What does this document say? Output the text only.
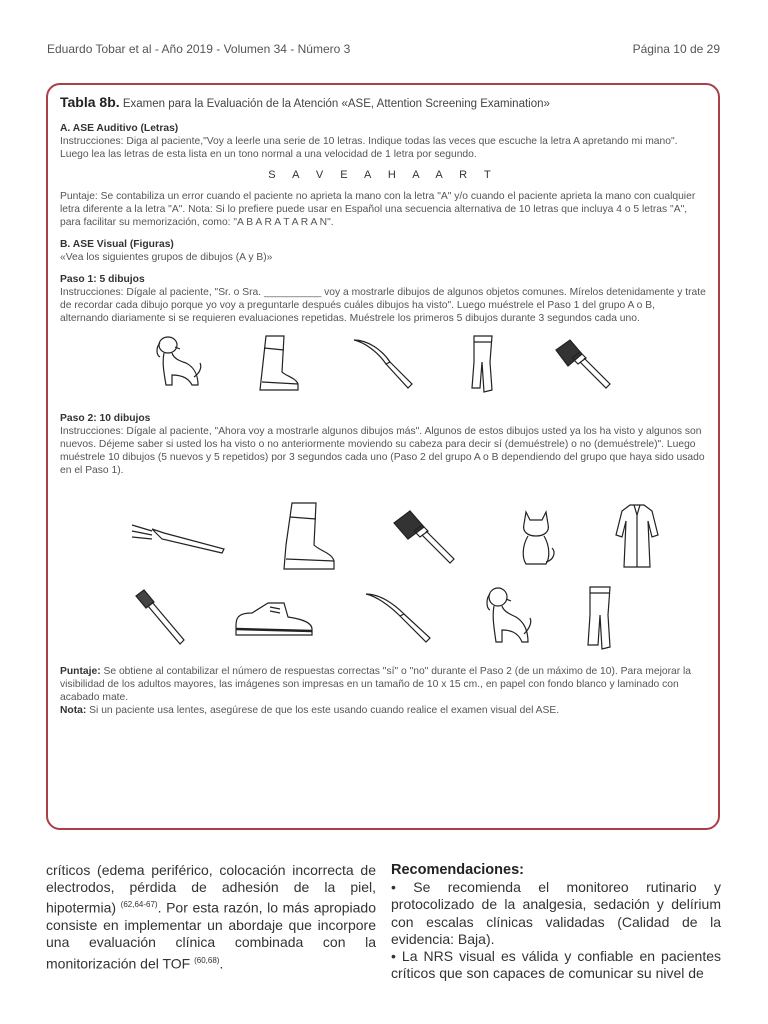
Eduardo Tobar et al - Año 2019 - Volumen 34 - Número 3	Página 10 de 29
Tabla 8b. Examen para la Evaluación de la Atención «ASE, Attention Screening Examination»
A. ASE Auditivo (Letras)
Instrucciones: Diga al paciente,"Voy a leerle una serie de 10 letras. Indique todas las veces que escuche la letra A apretando mi mano". Luego lea las letras de esta lista en un tono normal a una velocidad de 1 letra por segundo.
S A V E A H A A R T
Puntaje: Se contabiliza un error cuando el paciente no aprieta la mano con la letra "A" y/o cuando el paciente aprieta la mano con cualquier letra diferente a la letra "A". Nota: Si lo prefiere puede usar en Español una secuencia alternativa de 10 letras que incluya 4 o 5 letras "A", para facilitar su memorización, como: "A B A R A T A R A N".
B. ASE Visual (Figuras)
«Vea los siguientes grupos de dibujos (A y B)»
Paso 1: 5 dibujos
Instrucciones: Dígale al paciente, "Sr. o Sra. __________ voy a mostrarle dibujos de algunos objetos comunes. Mírelos detenidamente y trate de recordar cada dibujo porque yo voy a preguntarle después cuáles dibujos ha visto". Luego muéstrele el Paso 1 del grupo A o B, alternando diariamente si se requieren evaluaciones repetidas. Muéstrele los primeros 5 dibujos durante 3 segundos cada uno.
Paso 2: 10 dibujos
Instrucciones: Dígale al paciente, "Ahora voy a mostrarle algunos dibujos más". Algunos de estos dibujos usted ya los ha visto y algunos son nuevos. Déjeme saber si usted los ha visto o no anteriormente moviendo su cabeza para decir sí (demuéstrele) o no (demuéstrele)". Luego muéstrele 10 dibujos (5 nuevos y 5 repetidos) por 3 segundos cada uno (Paso 2 del grupo A o B dependiendo del grupo que haya sido usado en el Paso 1).
Puntaje: Se obtiene al contabilizar el número de respuestas correctas "sí" o "no" durante el Paso 2 (de un máximo de 10). Para mejorar la visibilidad de los adultos mayores, las imágenes son impresas en un tamaño de 10 x 15 cm., en papel con fondo blanco y laminado con acabado mate.
Nota: Si un paciente usa lentes, asegúrese de que los este usando cuando realice el examen visual del ASE.
críticos (edema periférico, colocación incorrecta de electrodos, pérdida de adhesión de la piel, hipotermia) $^{(62,64-67)}$. Por esta razón, lo más apropiado consiste en implementar un abordaje que incorpore una evaluación clínica combinada con la monitorización del TOF $^{(60,68)}$.
Recomendaciones:
• Se recomienda el monitoreo rutinario y protocolizado de la analgesia, sedación y delírium con escalas clínicas validadas (Calidad de la evidencia: Baja).
• La NRS visual es válida y confiable en pacientes críticos que son capaces de comunicar su nivel de
